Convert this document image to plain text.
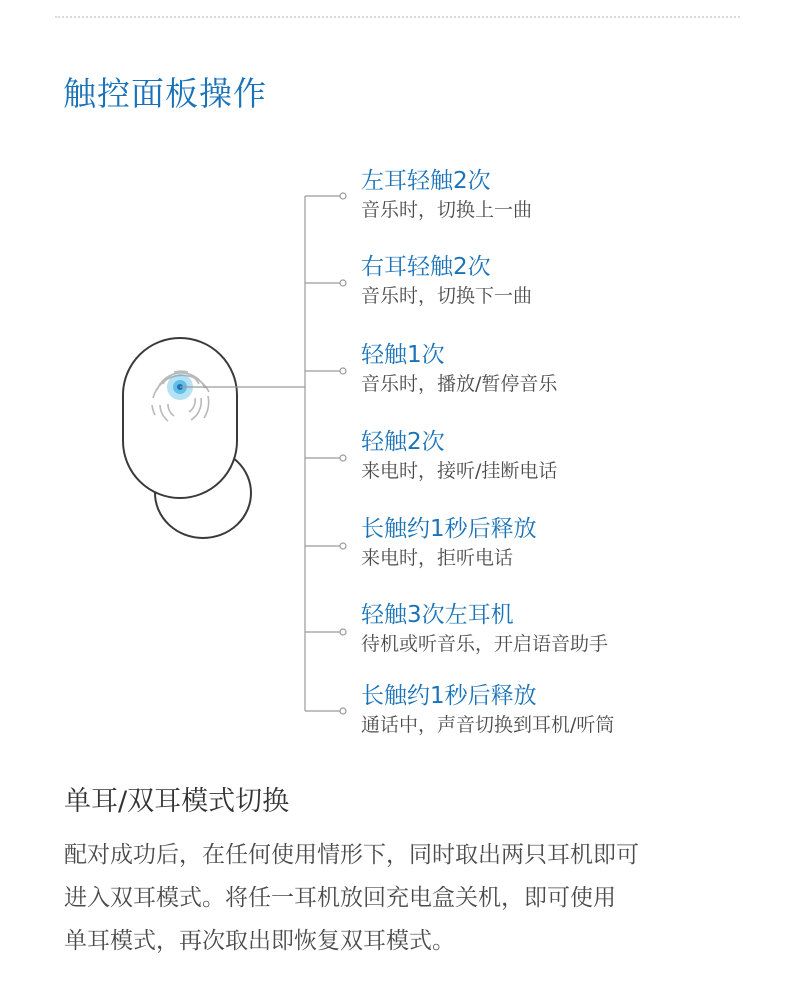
触控面板操作
左耳轻触2次
音乐时，切换上一曲
右耳轻触2次
音乐时，切换下一曲
轻触1次
音乐时，播放/暂停音乐
轻触2次
来电时，接听/挂断电话
长触约1秒后释放
来电时，拒听电话
轻触3次左耳机
待机或听音乐，开启语音助手
长触约1秒后释放
通话中，声音切换到耳机/听筒
单耳/双耳模式切换
配对成功后，在任何使用情形下，同时取出两只耳机即可
进入双耳模式。将任一耳机放回充电盒关机，即可使用
单耳模式，再次取出即恢复双耳模式。
